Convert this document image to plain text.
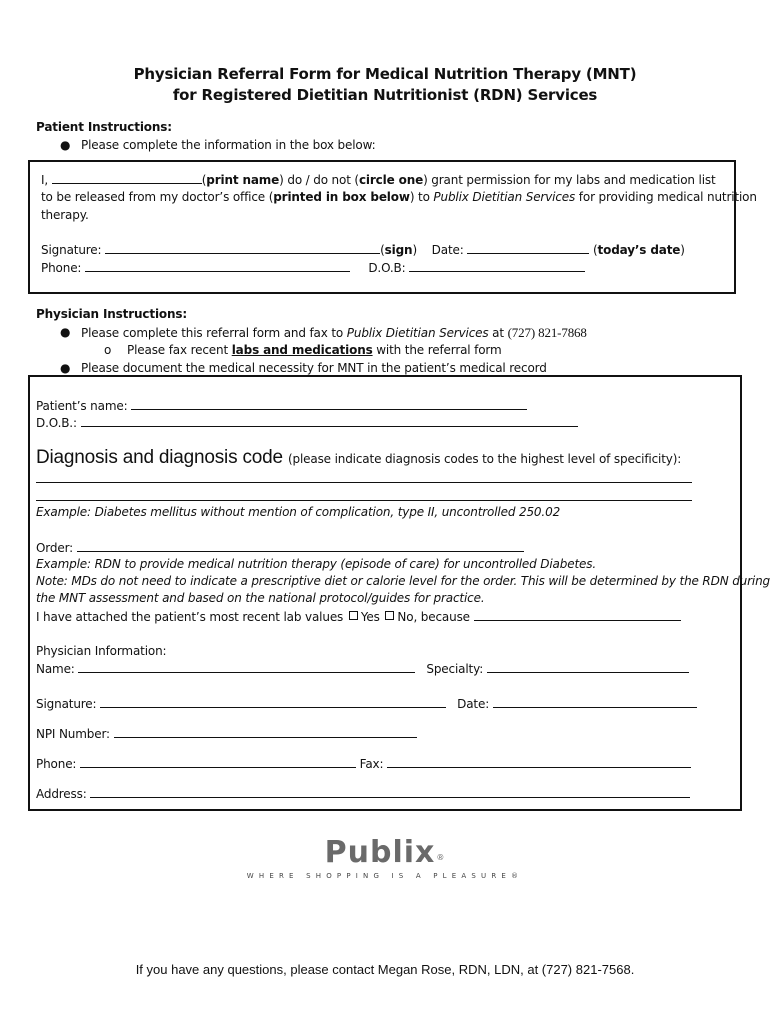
Physician Referral Form for Medical Nutrition Therapy (MNT)
for Registered Dietitian Nutritionist (RDN) Services
Patient Instructions:
● Please complete the information in the box below:
I,	(print name) do / do not (circle one) grant permission for my labs and medication list
to be released from my doctor’s office (printed in box below) to Publix Dietitian Services for providing medical nutrition
therapy.
Signature:	(sign)    Date:	(today’s date)
Phone:	D.O.B:
Physician Instructions:
● Please complete this referral form and fax to Publix Dietitian Services at (727) 821-7868
o Please fax recent labs and medications with the referral form
● Please document the medical necessity for MNT in the patient’s medical record
Patient’s name:
D.O.B.:
Diagnosis and diagnosis code (please indicate diagnosis codes to the highest level of specificity):
Example: Diabetes mellitus without mention of complication, type II, uncontrolled 250.02
Order:
Example: RDN to provide medical nutrition therapy (episode of care) for uncontrolled Diabetes.
Note: MDs do not need to indicate a prescriptive diet or calorie level for the order. This will be determined by the RDN during
the MNT assessment and based on the national protocol/guides for practice.
I have attached the patient’s most recent lab values Yes No, because
Physician Information:
Name:	Specialty:
Signature:	Date:
NPI Number:
Phone:	Fax:
Address:
Publix®
WHERE SHOPPING IS A PLEASURE®
If you have any questions, please contact Megan Rose, RDN, LDN, at (727) 821-7568.
